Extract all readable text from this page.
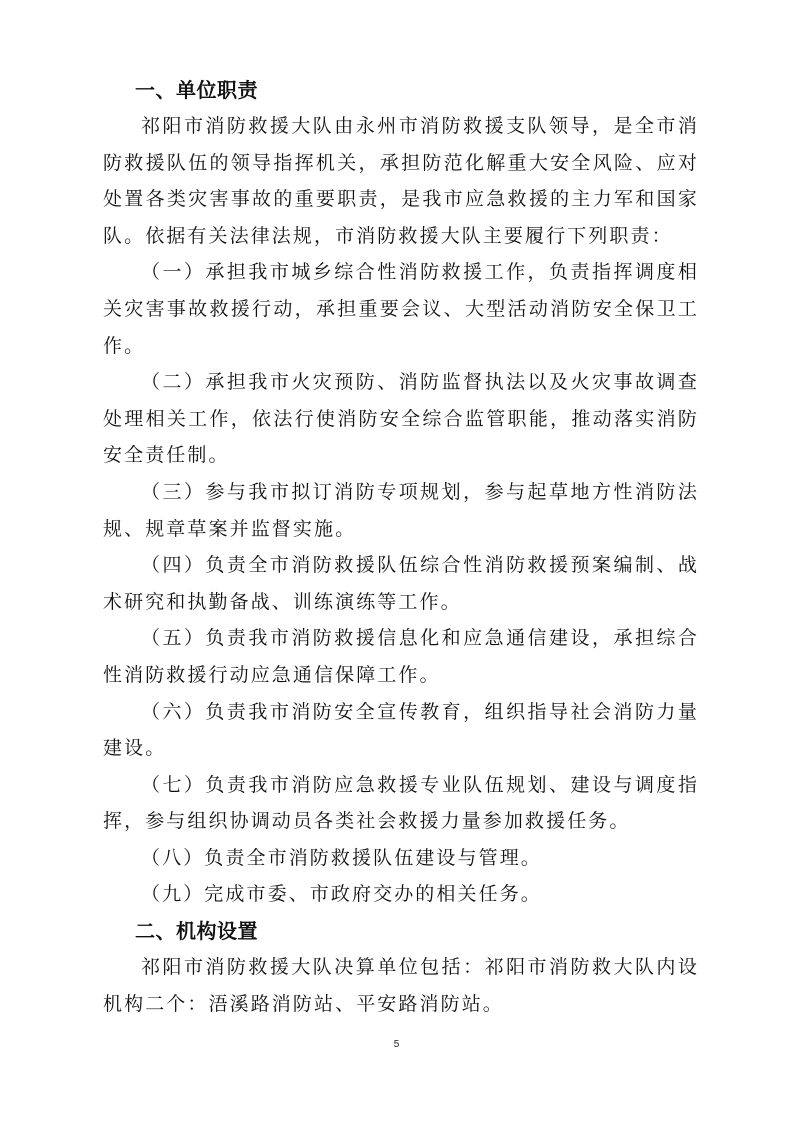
一、单位职责

祁阳市消防救援大队由永州市消防救援支队领导，是全市消防救援队伍的领导指挥机关，承担防范化解重大安全风险、应对处置各类灾害事故的重要职责，是我市应急救援的主力军和国家队。依据有关法律法规，市消防救援大队主要履行下列职责：

（一）承担我市城乡综合性消防救援工作，负责指挥调度相关灾害事故救援行动，承担重要会议、大型活动消防安全保卫工作。

（二）承担我市火灾预防、消防监督执法以及火灾事故调查处理相关工作，依法行使消防安全综合监管职能，推动落实消防安全责任制。

（三）参与我市拟订消防专项规划，参与起草地方性消防法规、规章草案并监督实施。

（四）负责全市消防救援队伍综合性消防救援预案编制、战术研究和执勤备战、训练演练等工作。

（五）负责我市消防救援信息化和应急通信建设，承担综合性消防救援行动应急通信保障工作。

（六）负责我市消防安全宣传教育，组织指导社会消防力量建设。

（七）负责我市消防应急救援专业队伍规划、建设与调度指挥，参与组织协调动员各类社会救援力量参加救援任务。

（八）负责全市消防救援队伍建设与管理。

（九）完成市委、市政府交办的相关任务。

二、机构设置

祁阳市消防救援大队决算单位包括：祁阳市消防救大队内设机构二个：浯溪路消防站、平安路消防站。

5
